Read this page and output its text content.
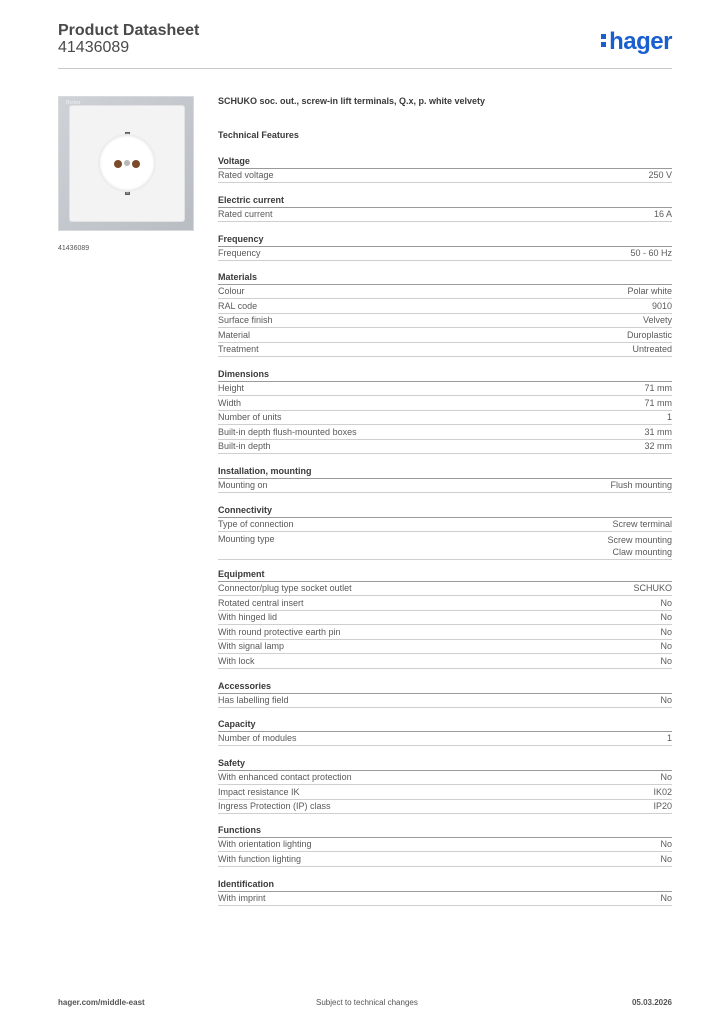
Product Datasheet
41436089	hager
Berker
41436089
SCHUKO soc. out., screw-in lift terminals, Q.x, p. white velvety
Technical Features
Voltage
Rated voltage	250 V
Electric current
Rated current	16 A
Frequency
Frequency	50 - 60 Hz
Materials
Colour	Polar white
RAL code	9010
Surface finish	Velvety
Material	Duroplastic
Treatment	Untreated
Dimensions
Height	71 mm
Width	71 mm
Number of units	1
Built-in depth flush-mounted boxes	31 mm
Built-in depth	32 mm
Installation, mounting
Mounting on	Flush mounting
Connectivity
Type of connection	Screw terminal
Mounting type	Screw mounting
Claw mounting
Equipment
Connector/plug type socket outlet	SCHUKO
Rotated central insert	No
With hinged lid	No
With round protective earth pin	No
With signal lamp	No
With lock	No
Accessories
Has labelling field	No
Capacity
Number of modules	1
Safety
With enhanced contact protection	No
Impact resistance IK	IK02
Ingress Protection (IP) class	IP20
Functions
With orientation lighting	No
With function lighting	No
Identification
With imprint	No
hager.com/middle-east	Subject to technical changes	05.03.2026
